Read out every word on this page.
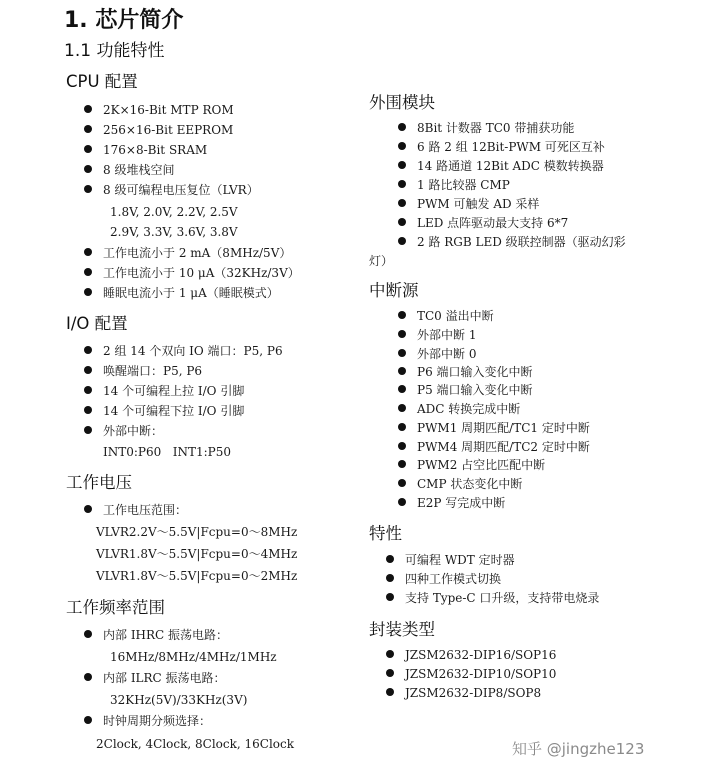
1. 芯片简介
1.1 功能特性
CPU 配置
2K×16-Bit MTP ROM
256×16-Bit EEPROM
176×8-Bit SRAM
8 级堆栈空间
8 级可编程电压复位（LVR）
1.8V, 2.0V, 2.2V, 2.5V
2.9V, 3.3V, 3.6V, 3.8V
工作电流小于 2 mA（8MHz/5V）
工作电流小于 10 μA（32KHz/3V）
睡眠电流小于 1 μA（睡眠模式）
I/O 配置
2 组 14 个双向 IO 端口：P5, P6
唤醒端口：P5, P6
14 个可编程上拉 I/O 引脚
14 个可编程下拉 I/O 引脚
外部中断：
INT0:P60   INT1:P50
工作电压
工作电压范围：
VLVR2.2V～5.5V|Fcpu=0～8MHz
VLVR1.8V～5.5V|Fcpu=0～4MHz
VLVR1.8V～5.5V|Fcpu=0～2MHz
工作频率范围
内部 IHRC 振荡电路：
16MHz/8MHz/4MHz/1MHz
内部 ILRC 振荡电路：
32KHz(5V)/33KHz(3V)
时钟周期分频选择：
2Clock, 4Clock, 8Clock, 16Clock
外围模块
8Bit 计数器 TC0 带捕获功能
6 路 2 组 12Bit-PWM 可死区互补
14 路通道 12Bit ADC 模数转换器
1 路比较器 CMP
PWM 可触发 AD 采样
LED 点阵驱动最大支持 6*7
2 路 RGB LED 级联控制器（驱动幻彩
灯）
中断源
TC0 溢出中断
外部中断 1
外部中断 0
P6 端口输入变化中断
P5 端口输入变化中断
ADC 转换完成中断
PWM1 周期匹配/TC1 定时中断
PWM4 周期匹配/TC2 定时中断
PWM2 占空比匹配中断
CMP 状态变化中断
E2P 写完成中断
特性
可编程 WDT 定时器
四种工作模式切换
支持 Type-C 口升级，支持带电烧录
封装类型
JZSM2632-DIP16/SOP16
JZSM2632-DIP10/SOP10
JZSM2632-DIP8/SOP8
知乎 @jingzhe123
